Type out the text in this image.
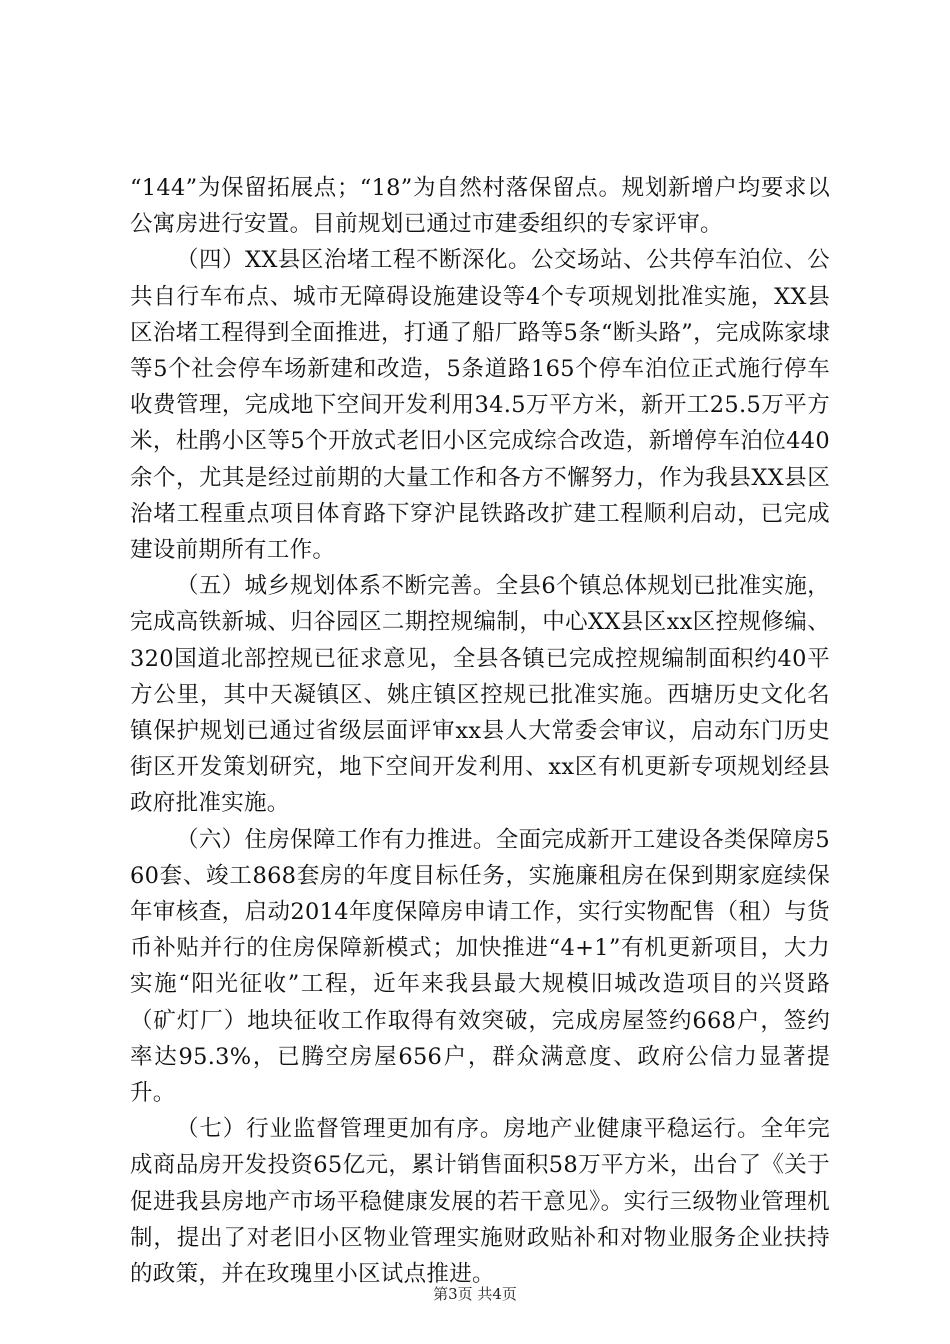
“144”为保留拓展点；“18”为自然村落保留点。规划新增户均要求以公寓房进行安置。目前规划已通过市建委组织的专家评审。

（四）XX县区治堵工程不断深化。公交场站、公共停车泊位、公共自行车布点、城市无障碍设施建设等4个专项规划批准实施，XX县区治堵工程得到全面推进，打通了船厂路等5条“断头路”，完成陈家埭等5个社会停车场新建和改造，5条道路165个停车泊位正式施行停车收费管理，完成地下空间开发利用34.5万平方米，新开工25.5万平方米，杜鹃小区等5个开放式老旧小区完成综合改造，新增停车泊位440余个，尤其是经过前期的大量工作和各方不懈努力，作为我县XX县区治堵工程重点项目体育路下穿沪昆铁路改扩建工程顺利启动，已完成建设前期所有工作。

（五）城乡规划体系不断完善。全县6个镇总体规划已批准实施，完成高铁新城、归谷园区二期控规编制，中心XX县区xx区控规修编、320国道北部控规已征求意见，全县各镇已完成控规编制面积约40平方公里，其中天凝镇区、姚庄镇区控规已批准实施。西塘历史文化名镇保护规划已通过省级层面评审xx县人大常委会审议，启动东门历史街区开发策划研究，地下空间开发利用、xx区有机更新专项规划经县政府批准实施。

（六）住房保障工作有力推进。全面完成新开工建设各类保障房560套、竣工868套房的年度目标任务，实施廉租房在保到期家庭续保年审核查，启动2014年度保障房申请工作，实行实物配售（租）与货币补贴并行的住房保障新模式；加快推进“4+1”有机更新项目，大力实施“阳光征收”工程，近年来我县最大规模旧城改造项目的兴贤路（矿灯厂）地块征收工作取得有效突破，完成房屋签约668户，签约率达95.3%，已腾空房屋656户，群众满意度、政府公信力显著提升。

（七）行业监督管理更加有序。房地产业健康平稳运行。全年完成商品房开发投资65亿元，累计销售面积58万平方米，出台了《关于促进我县房地产市场平稳健康发展的若干意见》。实行三级物业管理机制，提出了对老旧小区物业管理实施财政贴补和对物业服务企业扶持的政策，并在玫瑰里小区试点推进。

第3页 共4页
